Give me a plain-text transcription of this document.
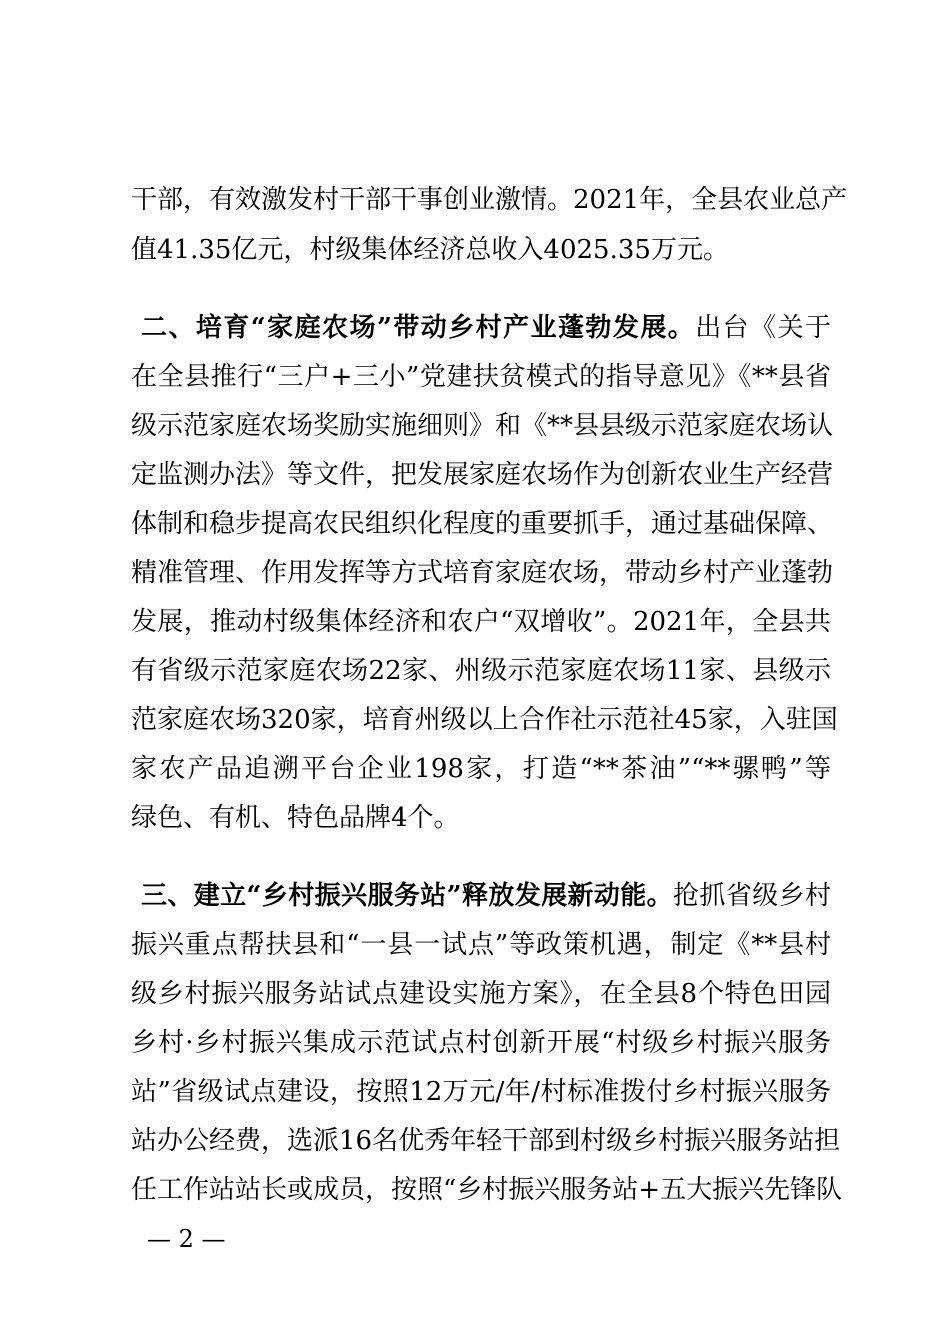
干部，有效激发村干部干事创业激情。2021年，全县农业总产
值41.35亿元，村级集体经济总收入4025.35万元。
二、培育“家庭农场”带动乡村产业蓬勃发展。出台《关于
在全县推行“三户+三小”党建扶贫模式的指导意见》《**县省
级示范家庭农场奖励实施细则》和《**县县级示范家庭农场认
定监测办法》等文件，把发展家庭农场作为创新农业生产经营
体制和稳步提高农民组织化程度的重要抓手，通过基础保障、
精准管理、作用发挥等方式培育家庭农场，带动乡村产业蓬勃
发展，推动村级集体经济和农户“双增收”。2021年，全县共
有省级示范家庭农场22家、州级示范家庭农场11家、县级示
范家庭农场320家，培育州级以上合作社示范社45家，入驻国
家农产品追溯平台企业198家，打造“**茶油”“**骡鸭”等
绿色、有机、特色品牌4个。
三、建立“乡村振兴服务站”释放发展新动能。抢抓省级乡村
振兴重点帮扶县和“一县一试点”等政策机遇，制定《**县村
级乡村振兴服务站试点建设实施方案》，在全县8个特色田园
乡村·乡村振兴集成示范试点村创新开展“村级乡村振兴服务
站”省级试点建设，按照12万元/年/村标准拨付乡村振兴服务
站办公经费，选派16名优秀年轻干部到村级乡村振兴服务站担
任工作站站长或成员，按照“乡村振兴服务站+五大振兴先锋队
— 2 —
